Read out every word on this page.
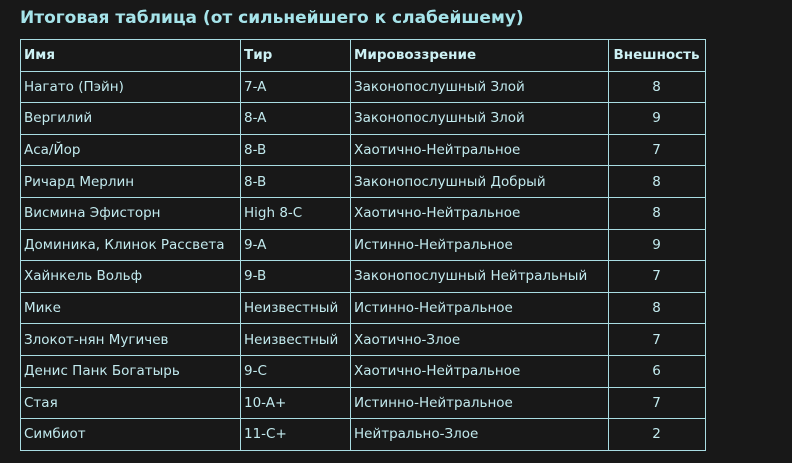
Итоговая таблица (от сильнейшего к слабейшему)
Имя	Тир	Мировоззрение	Внешность
Нагато (Пэйн)	7-A	Законопослушный Злой	8
Вергилий	8-A	Законопослушный Злой	9
Аса/Йор	8-B	Хаотично-Нейтральное	7
Ричард Мерлин	8-B	Законопослушный Добрый	8
Висмина Эфисторн	High 8-C	Хаотично-Нейтральное	8
Доминика, Клинок Рассвета	9-A	Истинно-Нейтральное	9
Хайнкель Вольф	9-B	Законопослушный Нейтральный	7
Мике	Неизвестный	Истинно-Нейтральное	8
Злокот-нян Мугичев	Неизвестный	Хаотично-Злое	7
Денис Панк Богатырь	9-C	Хаотично-Нейтральное	6
Стая	10-A+	Истинно-Нейтральное	7
Симбиот	11-C+	Нейтрально-Злое	2
